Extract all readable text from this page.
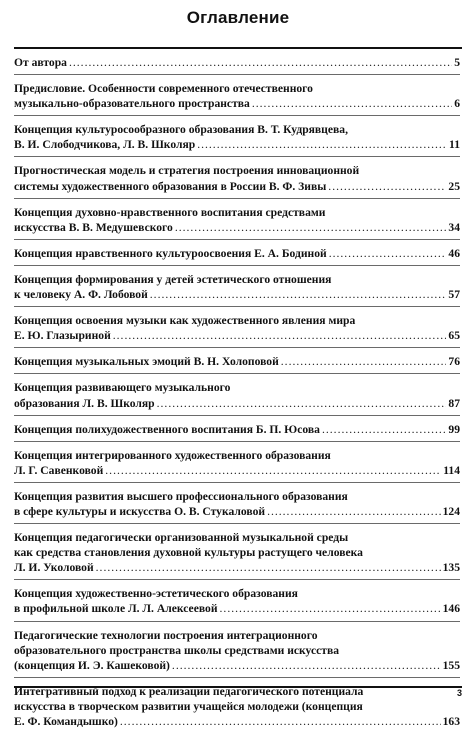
Оглавление
От автора .....	5
Предисловие. Особенности современного отечественного
музыкально-образовательного пространства .....	6
Концепция культуросообразного образования В. Т. Кудрявцева,
В. И. Слободчикова, Л. В. Школяр .....	11
Прогностическая модель и стратегия построения инновационной
системы художественного образования в России В. Ф. Зивы .....	25
Концепция духовно-нравственного воспитания средствами
искусства В. В. Медушевского .....	34
Концепция нравственного культуроосвоения Е. А. Бодиной .....	46
Концепция формирования у детей эстетического отношения
к человеку А. Ф. Лобовой .....	57
Концепция освоения музыки как художественного явления мира
Е. Ю. Глазыриной .....	65
Концепция музыкальных эмоций В. Н. Холоповой .....	76
Концепция развивающего музыкального
образования Л. В. Школяр .....	87
Концепция полихудожественного воспитания Б. П. Юсова .....	99
Концепция интегрированного художественного образования
Л. Г. Савенковой .....	114
Концепция развития высшего профессионального образования
в сфере культуры и искусства О. В. Стукаловой .....	124
Концепция педагогически организованной музыкальной среды
как средства становления духовной культуры растущего человека
Л. И. Уколовой .....	135
Концепция художественно-эстетического образования
в профильной школе Л. Л. Алексеевой .....	146
Педагогические технологии построения интеграционного
образовательного пространства школы средствами искусства
(концепция И. Э. Кашековой) .....	155
Интегративный подход к реализации педагогического потенциала
искусства в творческом развитии учащейся молодежи (концепция
Е. Ф. Командышко) .....	163
3
